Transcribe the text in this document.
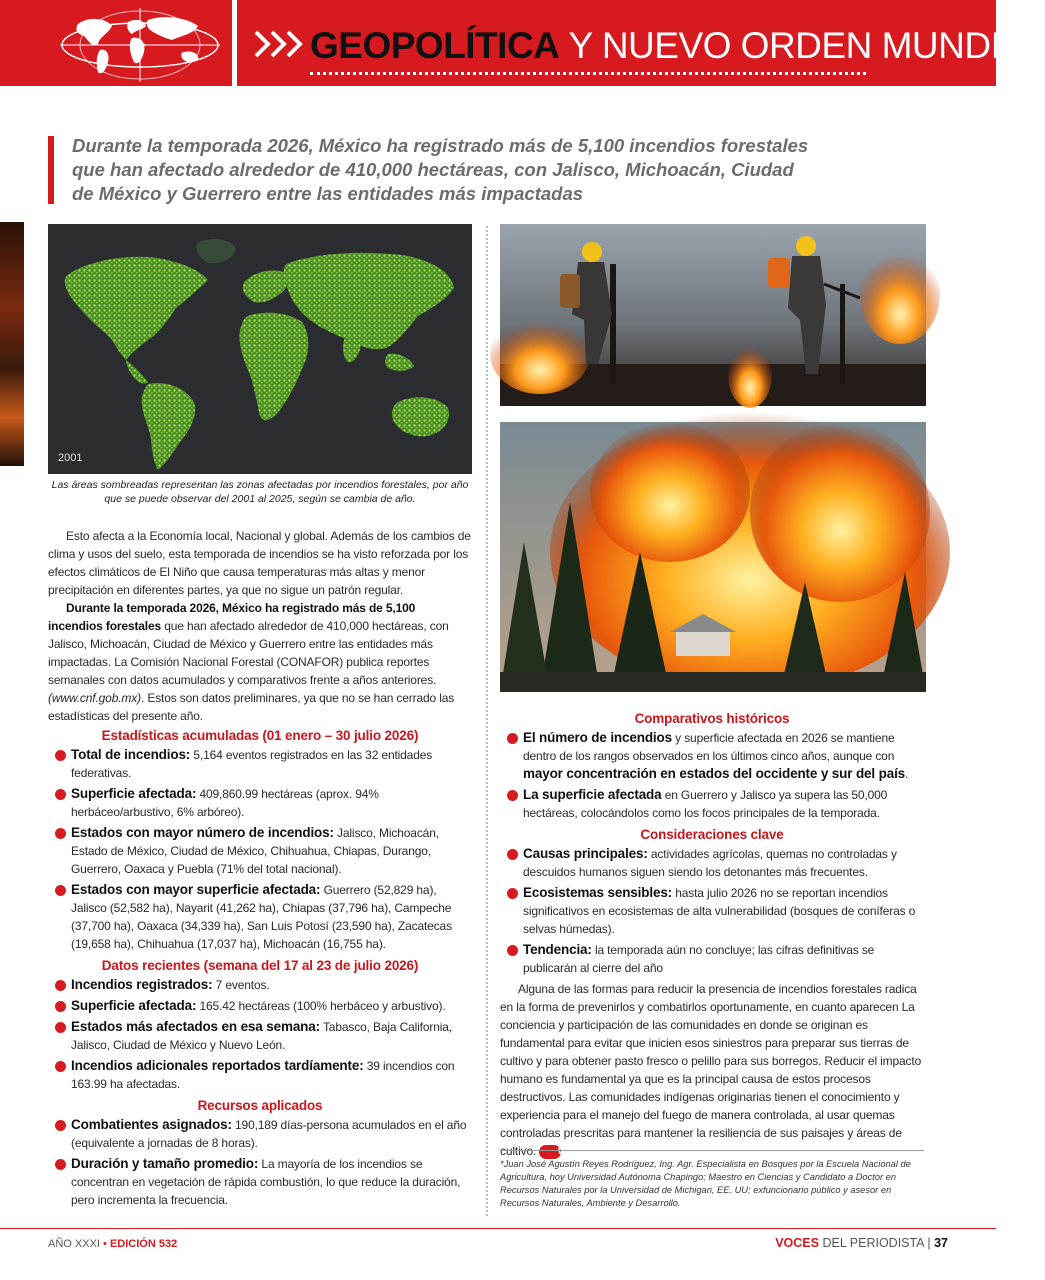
GEOPOLÍTICA Y NUEVO ORDEN MUNDIAL

Durante la temporada 2026, México ha registrado más de 5,100 incendios forestales que han afectado alrededor de 410,000 hectáreas, con Jalisco, Michoacán, Ciudad de México y Guerrero entre las entidades más impactadas

2001

Las áreas sombreadas representan las zonas afectadas por incendios forestales, por año que se puede observar del 2001 al 2025, según se cambia de año.

Esto afecta a la Economía local, Nacional y global. Además de los cambios de clima y usos del suelo, esta temporada de incendios se ha visto reforzada por los efectos climáticos de El Niño que causa temperaturas más altas y menor precipitación en diferentes partes, ya que no sigue un patrón regular.

Durante la temporada 2026, México ha registrado más de 5,100 incendios forestales que han afectado alrededor de 410,000 hectáreas, con Jalisco, Michoacán, Ciudad de México y Guerrero entre las entidades más impactadas. La Comisión Nacional Forestal (CONAFOR) publica reportes semanales con datos acumulados y comparativos frente a años anteriores. (www.cnf.gob.mx). Estos son datos preliminares, ya que no se han cerrado las estadísticas del presente año.

Estadísticas acumuladas (01 enero – 30 julio 2026)
Total de incendios: 5,164 eventos registrados en las 32 entidades federativas.
Superficie afectada: 409,860.99 hectáreas (aprox. 94% herbáceo/arbustivo, 6% arbóreo).
Estados con mayor número de incendios: Jalisco, Michoacán, Estado de México, Ciudad de México, Chihuahua, Chiapas, Durango, Guerrero, Oaxaca y Puebla (71% del total nacional).
Estados con mayor superficie afectada: Guerrero (52,829 ha), Jalisco (52,582 ha), Nayarit (41,262 ha), Chiapas (37,796 ha), Campeche (37,700 ha), Oaxaca (34,339 ha), San Luis Potosí (23,590 ha), Zacatecas (19,658 ha), Chihuahua (17,037 ha), Michoacán (16,755 ha).
Datos recientes (semana del 17 al 23 de julio 2026)
Incendios registrados: 7 eventos.
Superficie afectada: 165.42 hectáreas (100% herbáceo y arbustivo).
Estados más afectados en esa semana: Tabasco, Baja California, Jalisco, Ciudad de México y Nuevo León.
Incendios adicionales reportados tardíamente: 39 incendios con 163.99 ha afectadas.
Recursos aplicados
Combatientes asignados: 190,189 días-persona acumulados en el año (equivalente a jornadas de 8 horas).
Duración y tamaño promedio: La mayoría de los incendios se concentran en vegetación de rápida combustión, lo que reduce la duración, pero incrementa la frecuencia.
Comparativos históricos
El número de incendios y superficie afectada en 2026 se mantiene dentro de los rangos observados en los últimos cinco años, aunque con mayor concentración en estados del occidente y sur del país.
La superficie afectada en Guerrero y Jalisco ya supera las 50,000 hectáreas, colocándolos como los focos principales de la temporada.
Consideraciones clave
Causas principales: actividades agrícolas, quemas no controladas y descuidos humanos siguen siendo los detonantes más frecuentes.
Ecosistemas sensibles: hasta julio 2026 no se reportan incendios significativos en ecosistemas de alta vulnerabilidad (bosques de coníferas o selvas húmedas).
Tendencia: la temporada aún no concluye; las cifras definitivas se publicarán al cierre del año

Alguna de las formas para reducir la presencia de incendios forestales radica en la forma de prevenirlos y combatirlos oportunamente, en cuanto aparecen La conciencia y participación de las comunidades en donde se originan es fundamental para evitar que inicien esos siniestros para preparar sus tierras de cultivo y para obtener pasto fresco o pelillo para sus borregos. Reducir el impacto humano es fundamental ya que es la principal causa de estos procesos destructivos. Las comunidades indígenas originarias tienen el conocimiento y experiencia para el manejo del fuego de manera controlada, al usar quemas controladas prescritas para mantener la resiliencia de sus paisajes y áreas de cultivo. VP

*Juan José Agustín Reyes Rodríguez, Ing. Agr. Especialista en Bosques por la Escuela Nacional de Agricultura, hoy Universidad Autónoma Chapingo; Maestro en Ciencias y Candidato a Doctor en Recursos Naturales por la Universidad de Michigan, EE. UU; exfuncionario público y asesor en Recursos Naturales, Ambiente y Desarrollo.

AÑO XXXI • EDICIÓN 532	VOCES DEL PERIODISTA | 37
